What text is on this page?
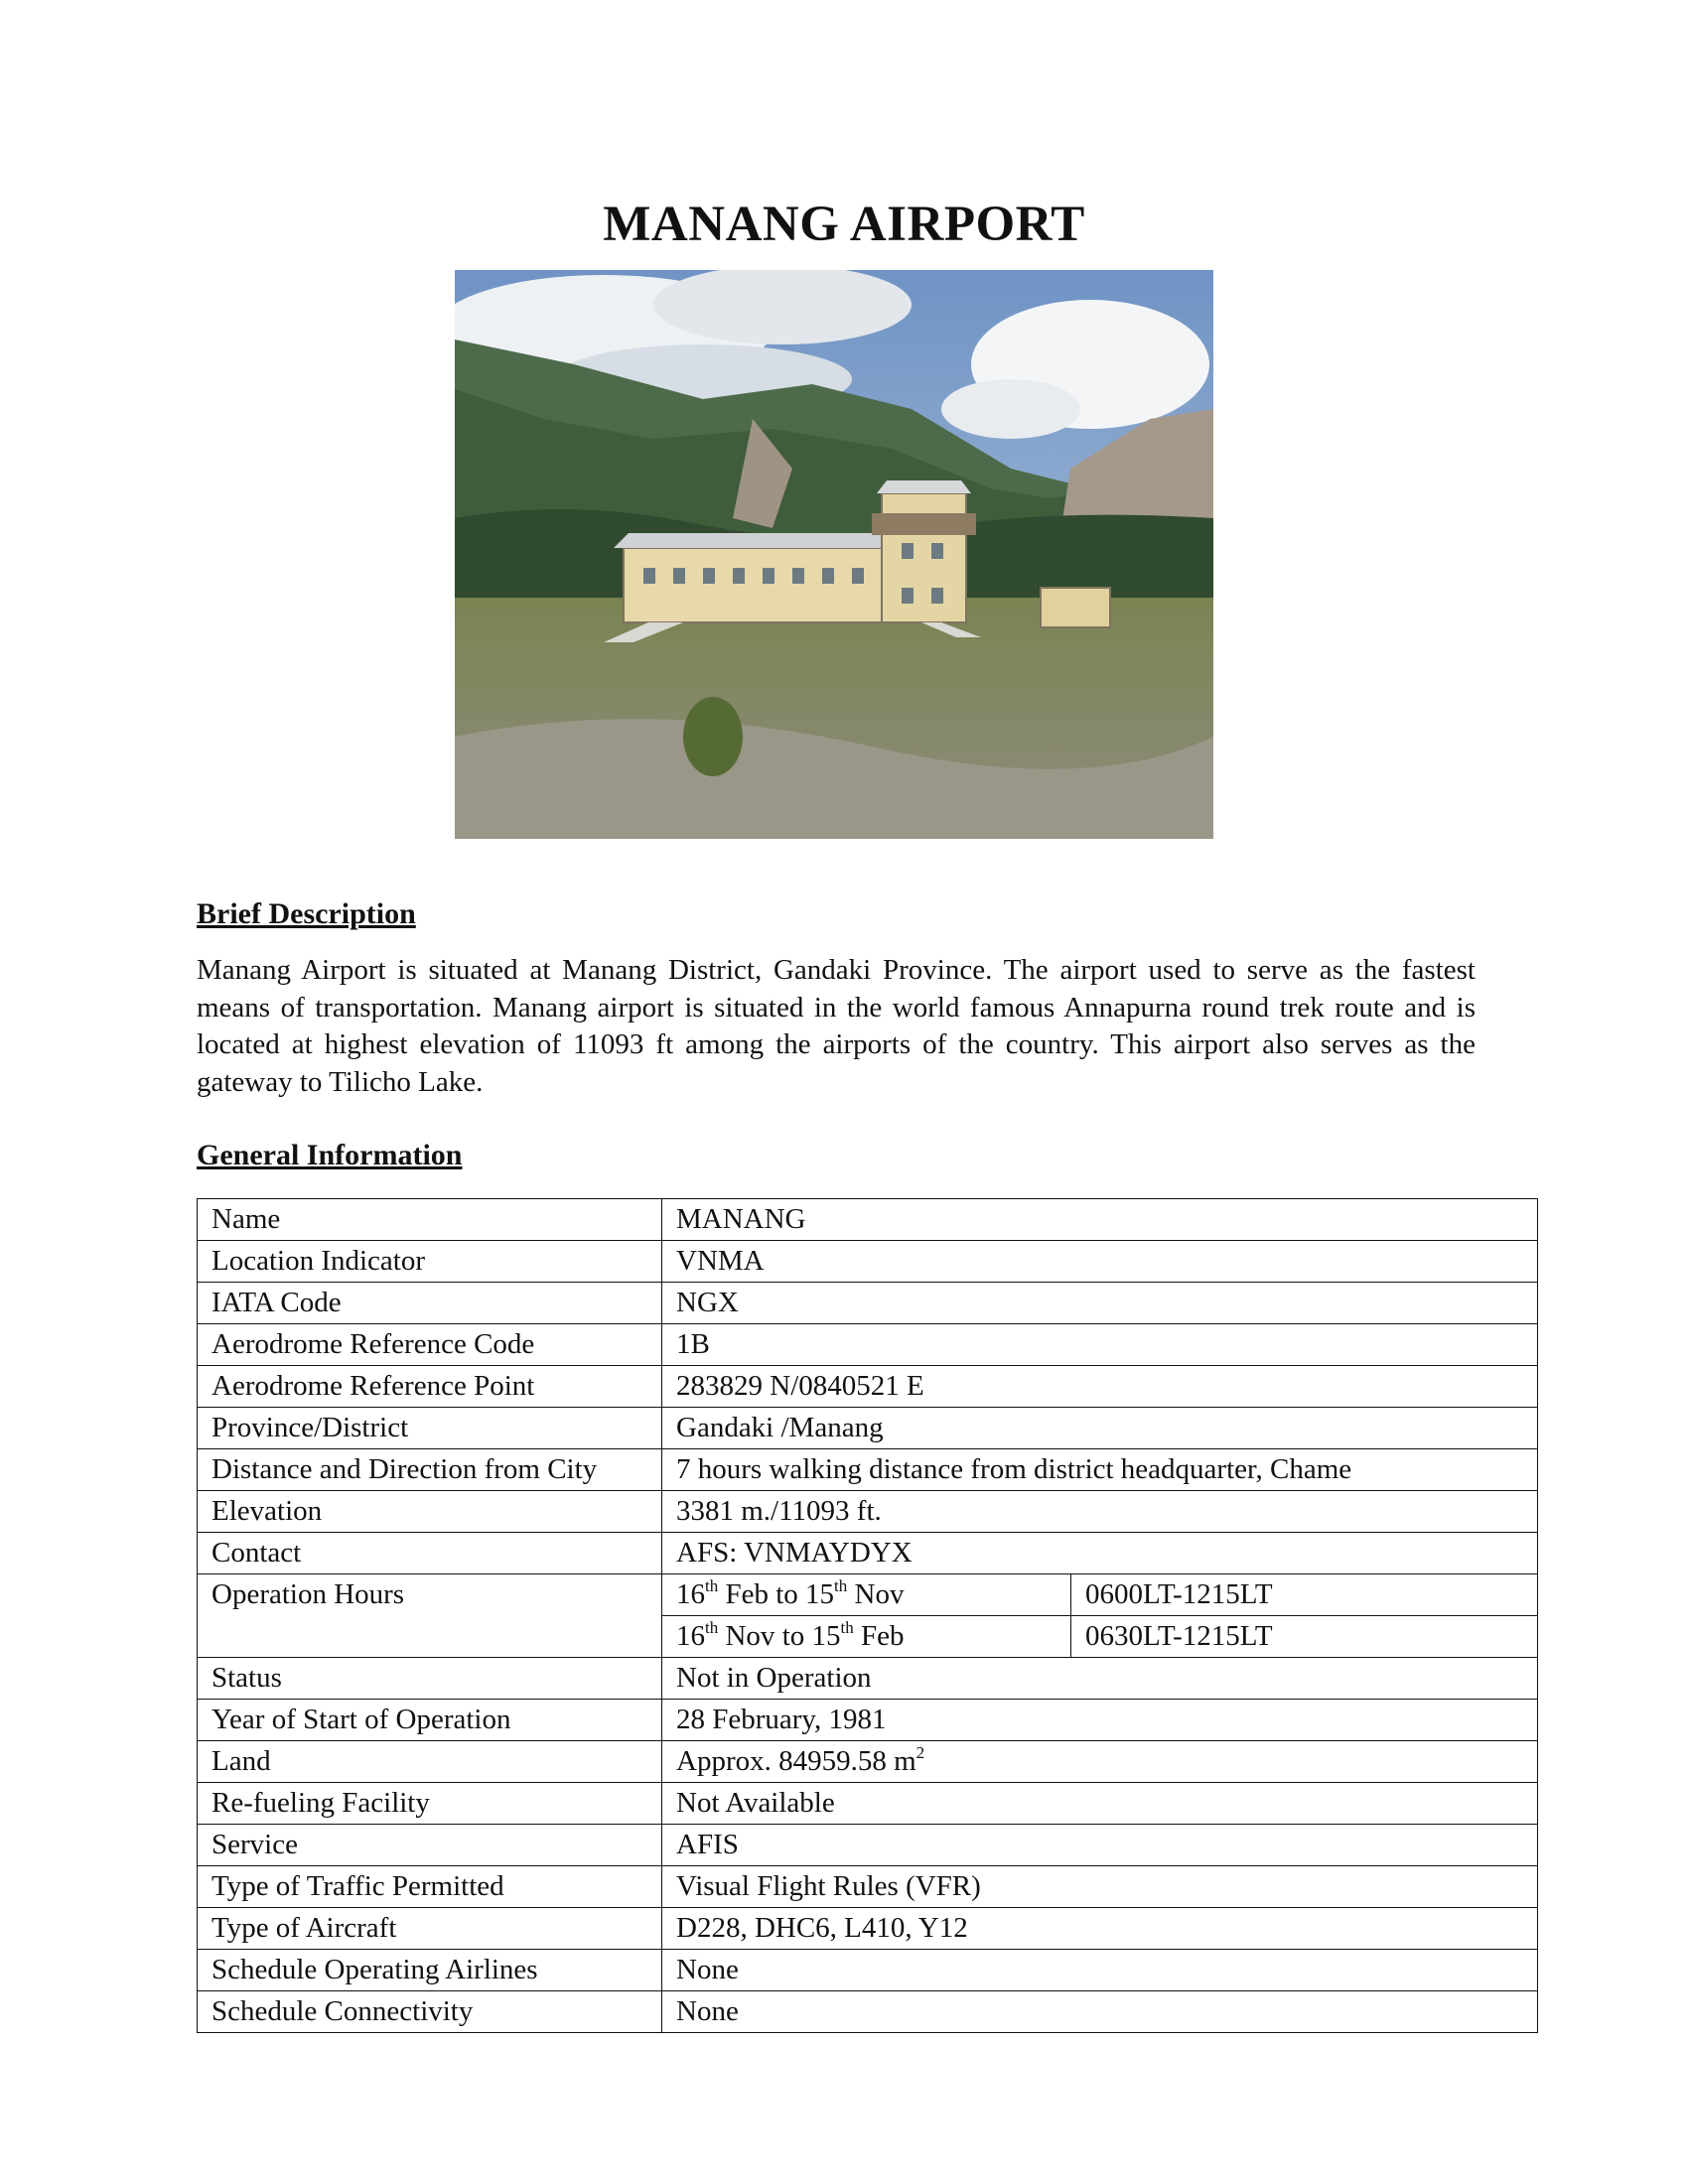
MANANG AIRPORT
Brief Description
Manang Airport is situated at Manang District, Gandaki Province. The airport used to serve as the fastest means of transportation. Manang airport is situated in the world famous Annapurna round trek route and is located at highest elevation of 11093 ft among the airports of the country. This airport also serves as the gateway to Tilicho Lake.
General Information
Name	MANANG	
Location Indicator	VNMA	
IATA Code	NGX	
Aerodrome Reference Code	1B	
Aerodrome Reference Point	283829 N/0840521 E	
Province/District	Gandaki /Manang	
Distance and Direction from City	7 hours walking distance from district headquarter, Chame	
Elevation	3381 m./11093 ft.	
Contact	AFS: VNMAYDYX	
Operation Hours	16th Feb to 15th Nov	0600LT-1215LT
	16th Nov to 15th Feb	0630LT-1215LT
Status	Not in Operation	
Year of Start of Operation	28 February, 1981	
Land	Approx. 84959.58 $m^2$
Re-fueling Facility	Not Available	
Service	AFIS	
Type of Traffic Permitted	Visual Flight Rules (VFR)	
Type of Aircraft	D228, DHC6, L410, Y12	
Schedule Operating Airlines	None	
Schedule Connectivity	None	
